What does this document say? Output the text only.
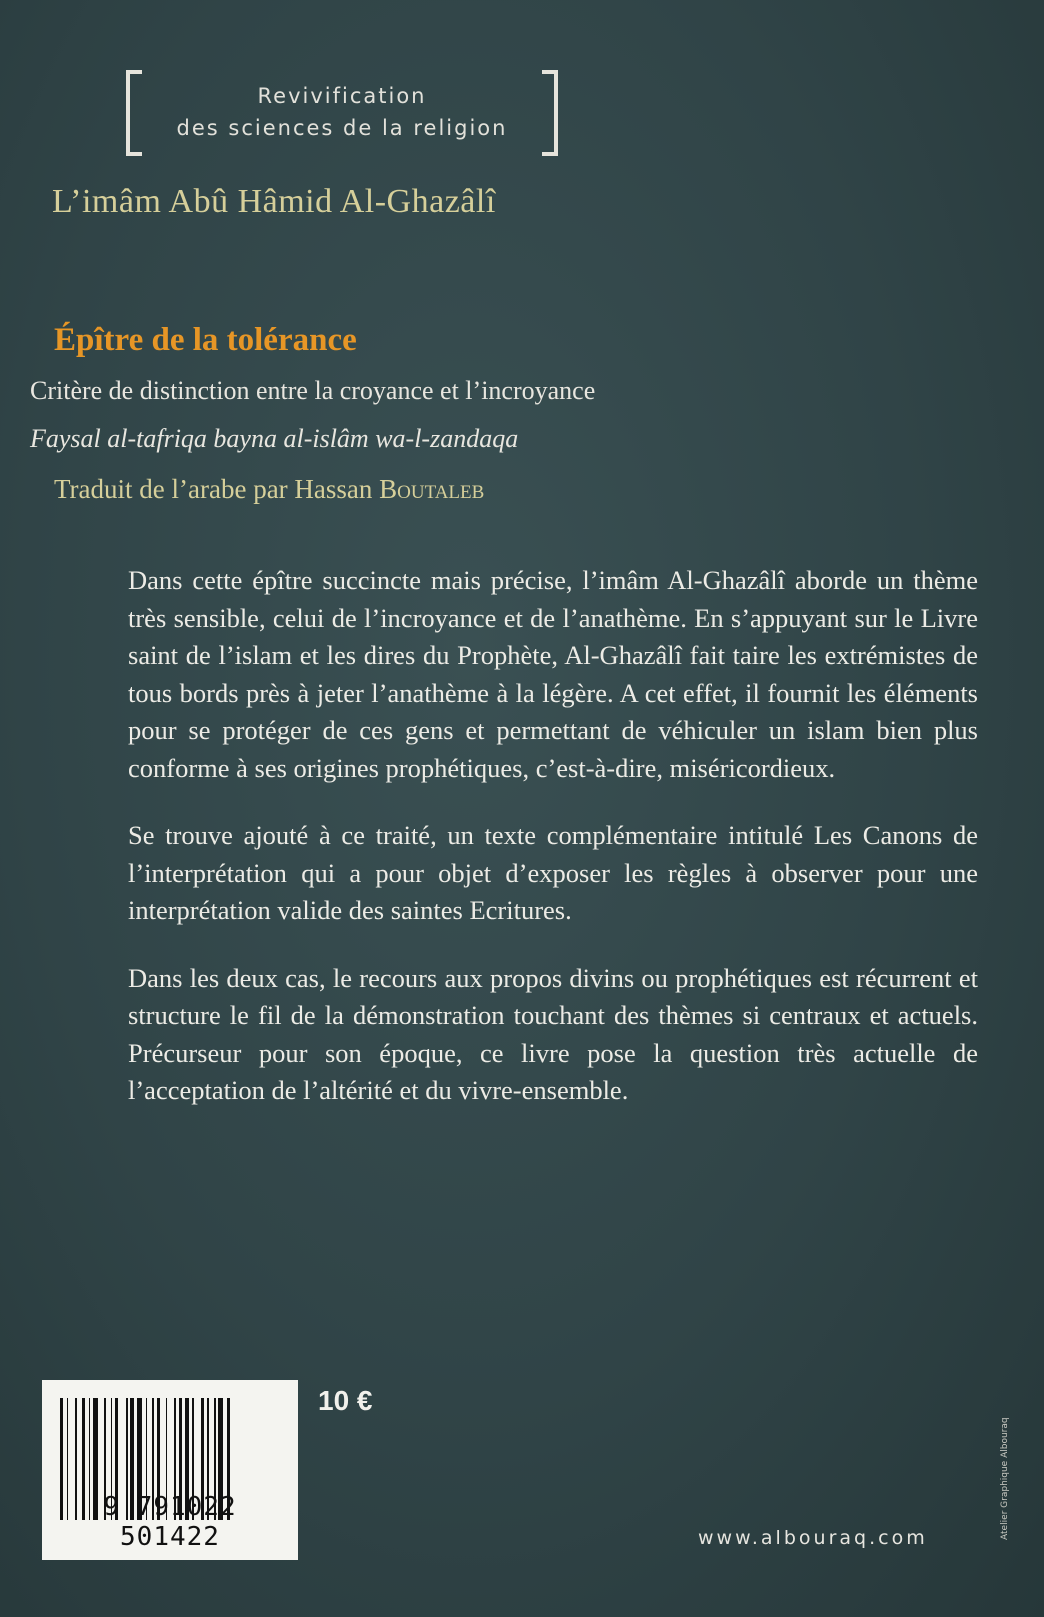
Revivification
des sciences de la religion
L’imâm Abû Hâmid Al-Ghazâlî
Épître de la tolérance
Critère de distinction entre la croyance et l’incroyance
Faysal al-tafriqa bayna al-islâm wa-l-zandaqa
Traduit de l’arabe par Hassan Boutaleb

Dans cette épître succincte mais précise, l’imâm Al-Ghazâlî aborde un thème très sensible, celui de l’incroyance et de l’anathème. En s’appuyant sur le Livre saint de l’islam et les dires du Prophète, Al-Ghazâlî fait taire les extrémistes de tous bords près à jeter l’anathème à la légère. A cet effet, il fournit les éléments pour se protéger de ces gens et permettant de véhiculer un islam bien plus conforme à ses origines prophétiques, c’est-à-dire, miséricordieux.

Se trouve ajouté à ce traité, un texte complémentaire intitulé Les Canons de l’interprétation qui a pour objet d’exposer les règles à observer pour une interprétation valide des saintes Ecritures.

Dans les deux cas, le recours aux propos divins ou prophétiques est récurrent et structure le fil de la démonstration touchant des thèmes si centraux et actuels. Précurseur pour son époque, ce livre pose la question très actuelle de l’acceptation de l’altérité et du vivre-ensemble.

9 791022 501422
10 €
www.albouraq.com	Atelier Graphique Albouraq
